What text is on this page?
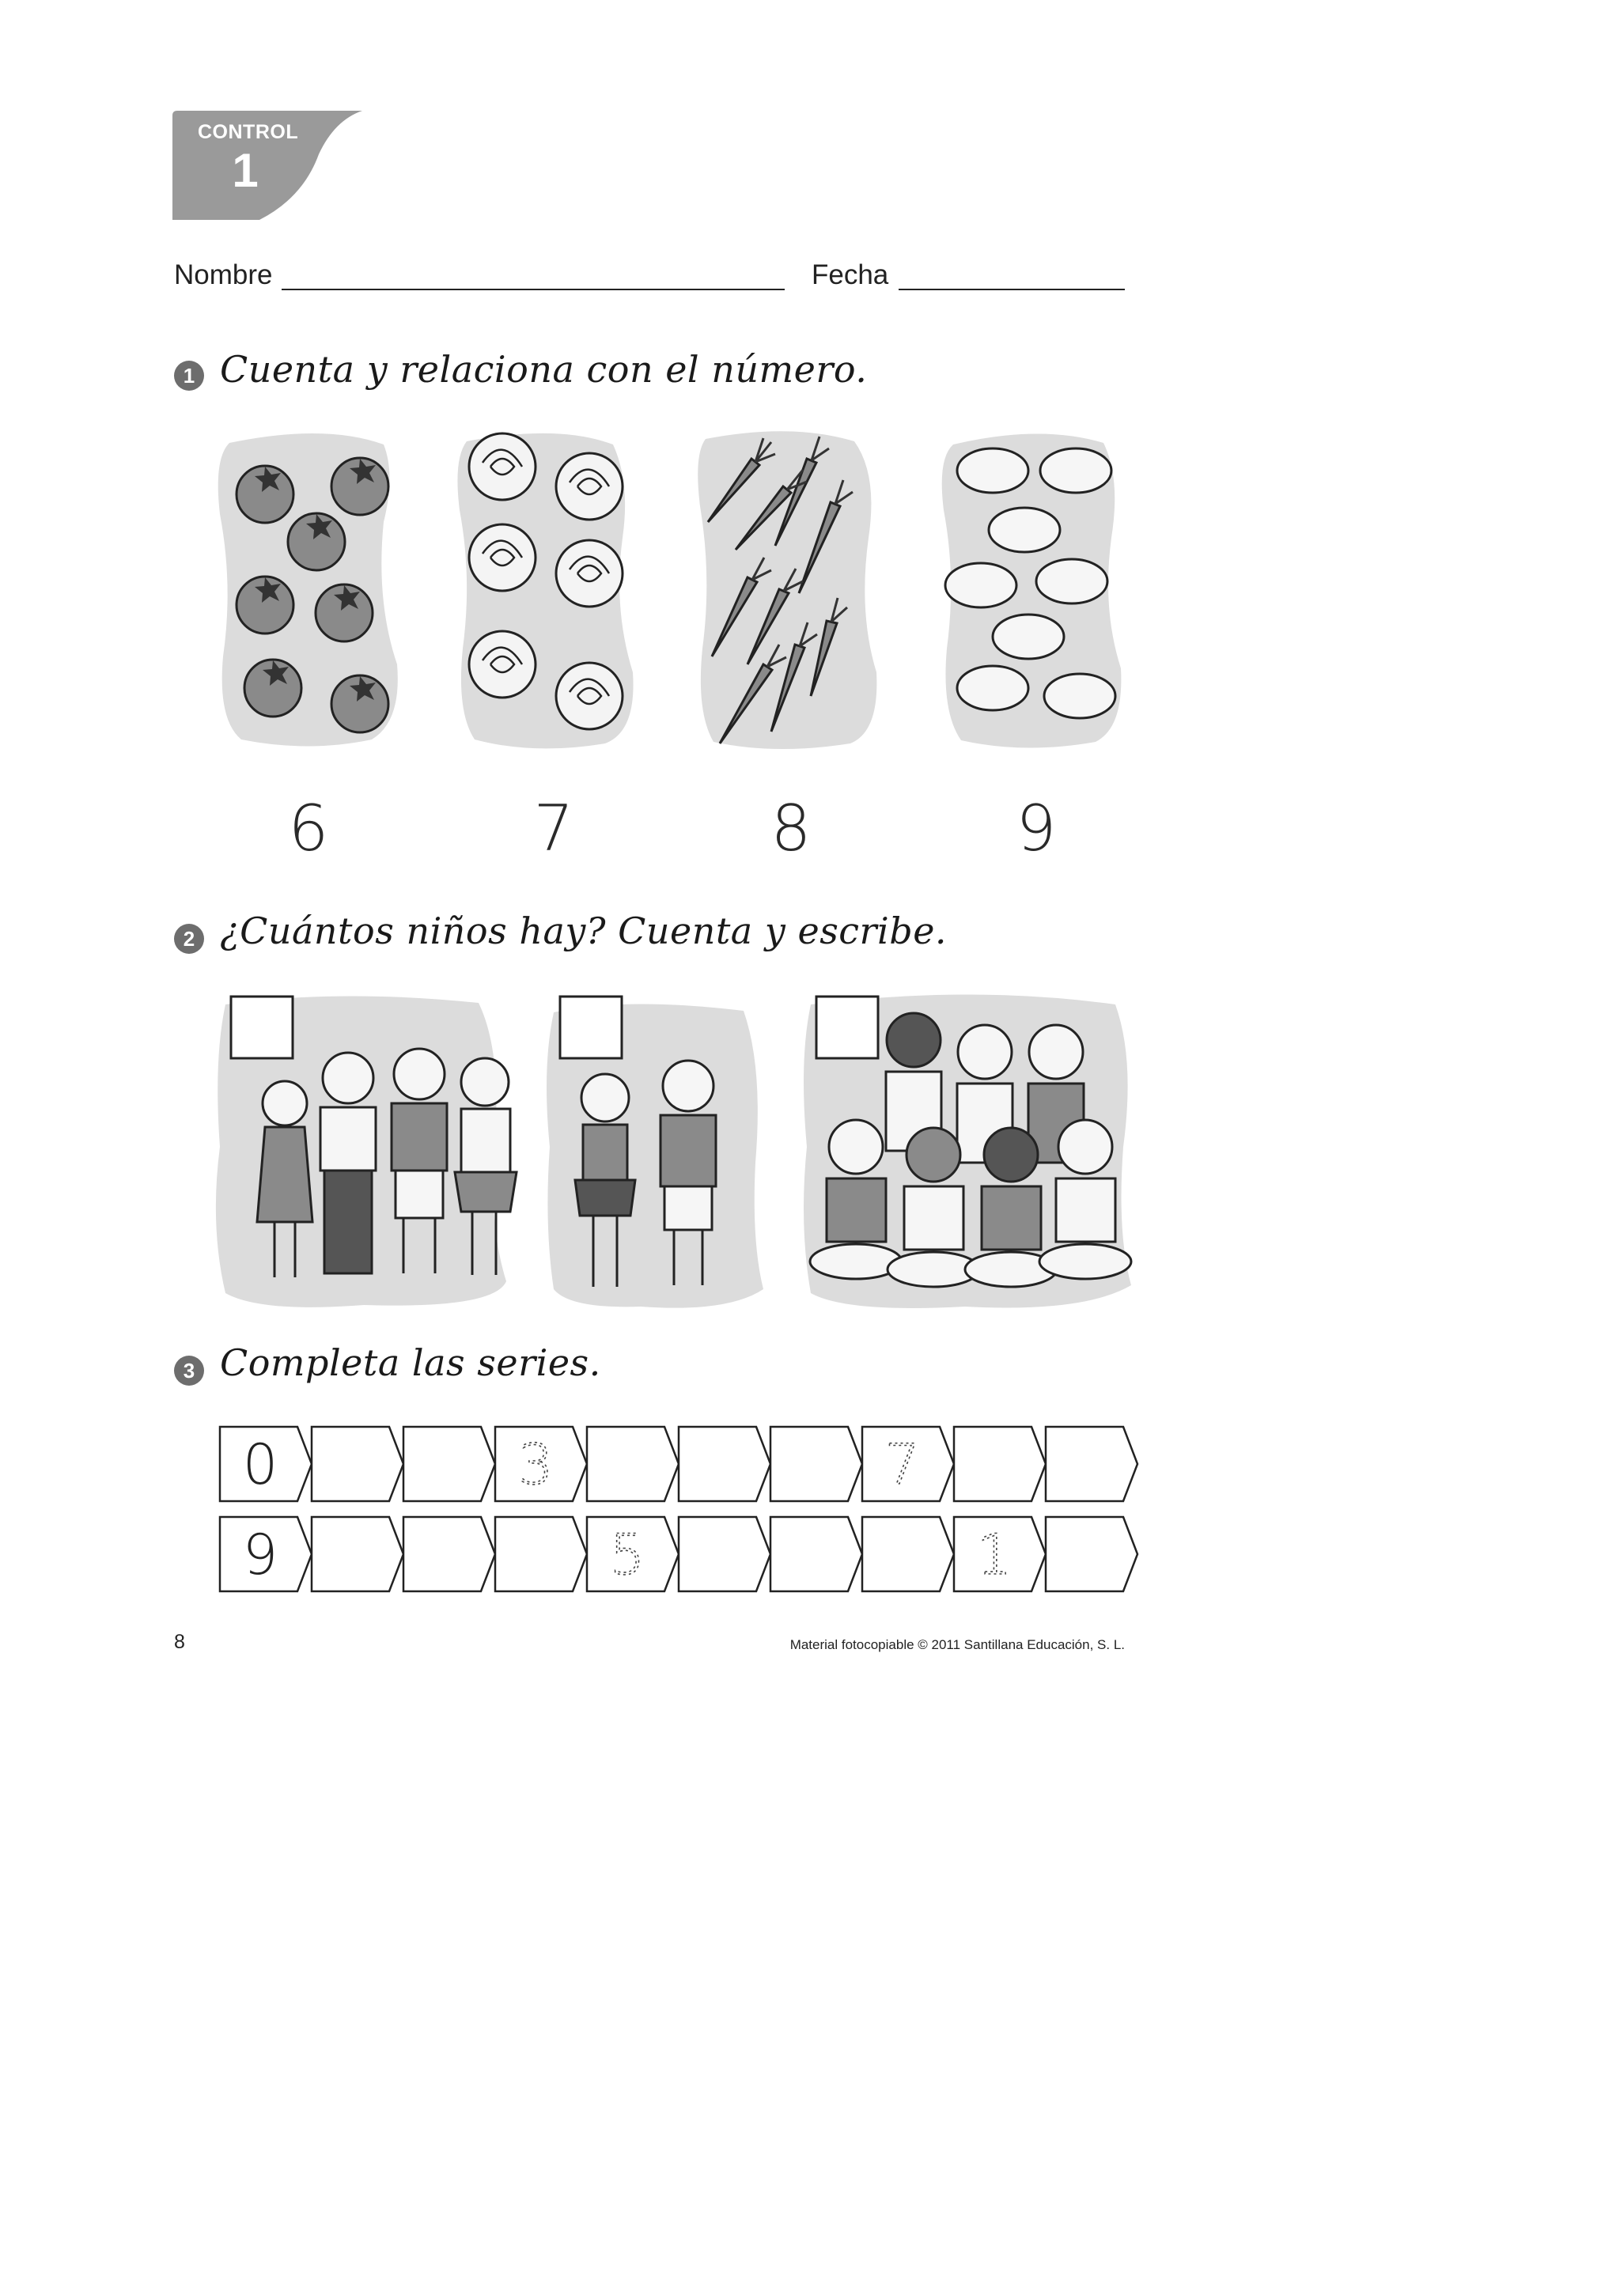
CONTROL
1
Nombre	Fecha
1 Cuenta y relaciona con el número.
6	7	8	9
2 ¿Cuántos niños hay? Cuenta y escribe.
3 Completa las series.
0	3	7
9	5	1
8	Material fotocopiable © 2011 Santillana Educación, S. L.
